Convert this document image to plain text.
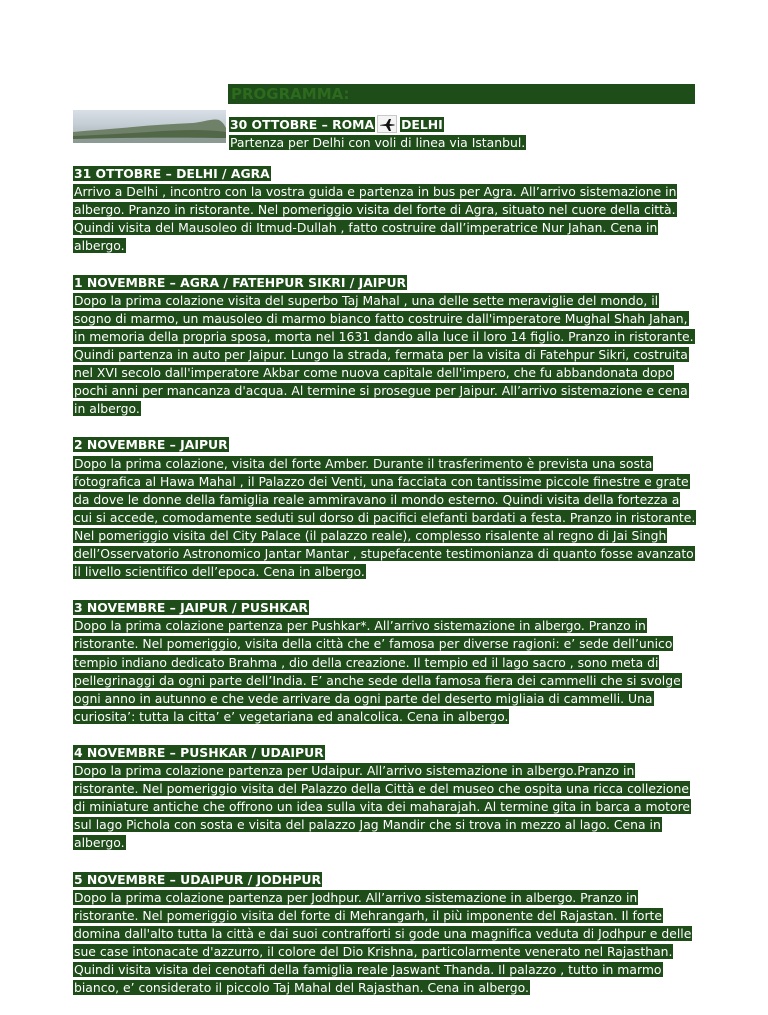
PROGRAMMA:
30 OTTOBRE – ROMA DELHI
Partenza per Delhi con voli di linea via Istanbul.

31 OTTOBRE – DELHI / AGRA

Arrivo a Delhi , incontro con la vostra guida e partenza in bus per Agra. All’arrivo sistemazione in albergo. Pranzo in ristorante. Nel pomeriggio visita del forte di Agra, situato nel cuore della città. Quindi visita del Mausoleo di Itmud-Dullah , fatto costruire dall’imperatrice Nur Jahan. Cena in albergo.

1 NOVEMBRE – AGRA / FATEHPUR SIKRI / JAIPUR

Dopo la prima colazione visita del superbo Taj Mahal , una delle sette meraviglie del mondo, il sogno di marmo, un mausoleo di marmo bianco fatto costruire dall'imperatore Mughal Shah Jahan, in memoria della propria sposa, morta nel 1631 dando alla luce il loro 14 figlio. Pranzo in ristorante. Quindi partenza in auto per Jaipur. Lungo la strada, fermata per la visita di Fatehpur Sikri, costruita nel XVI secolo dall'imperatore Akbar come nuova capitale dell'impero, che fu abbandonata dopo pochi anni per mancanza d'acqua. Al termine si prosegue per Jaipur. All’arrivo sistemazione e cena in albergo.

2 NOVEMBRE – JAIPUR

Dopo la prima colazione, visita del forte Amber. Durante il trasferimento è prevista una sosta fotografica al Hawa Mahal , il Palazzo dei Venti, una facciata con tantissime piccole finestre e grate da dove le donne della famiglia reale ammiravano il mondo esterno. Quindi visita della fortezza a cui si accede, comodamente seduti sul dorso di pacifici elefanti bardati a festa. Pranzo in ristorante. Nel pomeriggio visita del City Palace (il palazzo reale), complesso risalente al regno di Jai Singh dell’Osservatorio Astronomico Jantar Mantar , stupefacente testimonianza di quanto fosse avanzato il livello scientifico dell’epoca. Cena in albergo.

3 NOVEMBRE – JAIPUR / PUSHKAR

Dopo la prima colazione partenza per Pushkar*. All’arrivo sistemazione in albergo. Pranzo in ristorante. Nel pomeriggio, visita della città che e’ famosa per diverse ragioni: e’ sede dell’unico tempio indiano dedicato Brahma , dio della creazione. Il tempio ed il lago sacro , sono meta di pellegrinaggi da ogni parte dell’India. E’ anche sede della famosa fiera dei cammelli che si svolge ogni anno in autunno e che vede arrivare da ogni parte del deserto migliaia di cammelli. Una curiosita’: tutta la citta’ e’ vegetariana ed analcolica. Cena in albergo.

4 NOVEMBRE – PUSHKAR / UDAIPUR

Dopo la prima colazione partenza per Udaipur. All’arrivo sistemazione in albergo.Pranzo in ristorante. Nel pomeriggio visita del Palazzo della Città e del museo che ospita una ricca collezione di miniature antiche che offrono un idea sulla vita dei maharajah. Al termine gita in barca a motore sul lago Pichola con sosta e visita del palazzo Jag Mandir che si trova in mezzo al lago. Cena in albergo.

5 NOVEMBRE – UDAIPUR / JODHPUR

Dopo la prima colazione partenza per Jodhpur. All’arrivo sistemazione in albergo. Pranzo in ristorante. Nel pomeriggio visita del forte di Mehrangarh, il più imponente del Rajastan. Il forte domina dall'alto tutta la città e dai suoi contrafforti si gode una magnifica veduta di Jodhpur e delle sue case intonacate d'azzurro, il colore del Dio Krishna, particolarmente venerato nel Rajasthan. Quindi visita visita dei cenotafi della famiglia reale Jaswant Thanda. Il palazzo , tutto in marmo bianco, e’ considerato il piccolo Taj Mahal del Rajasthan. Cena in albergo.
